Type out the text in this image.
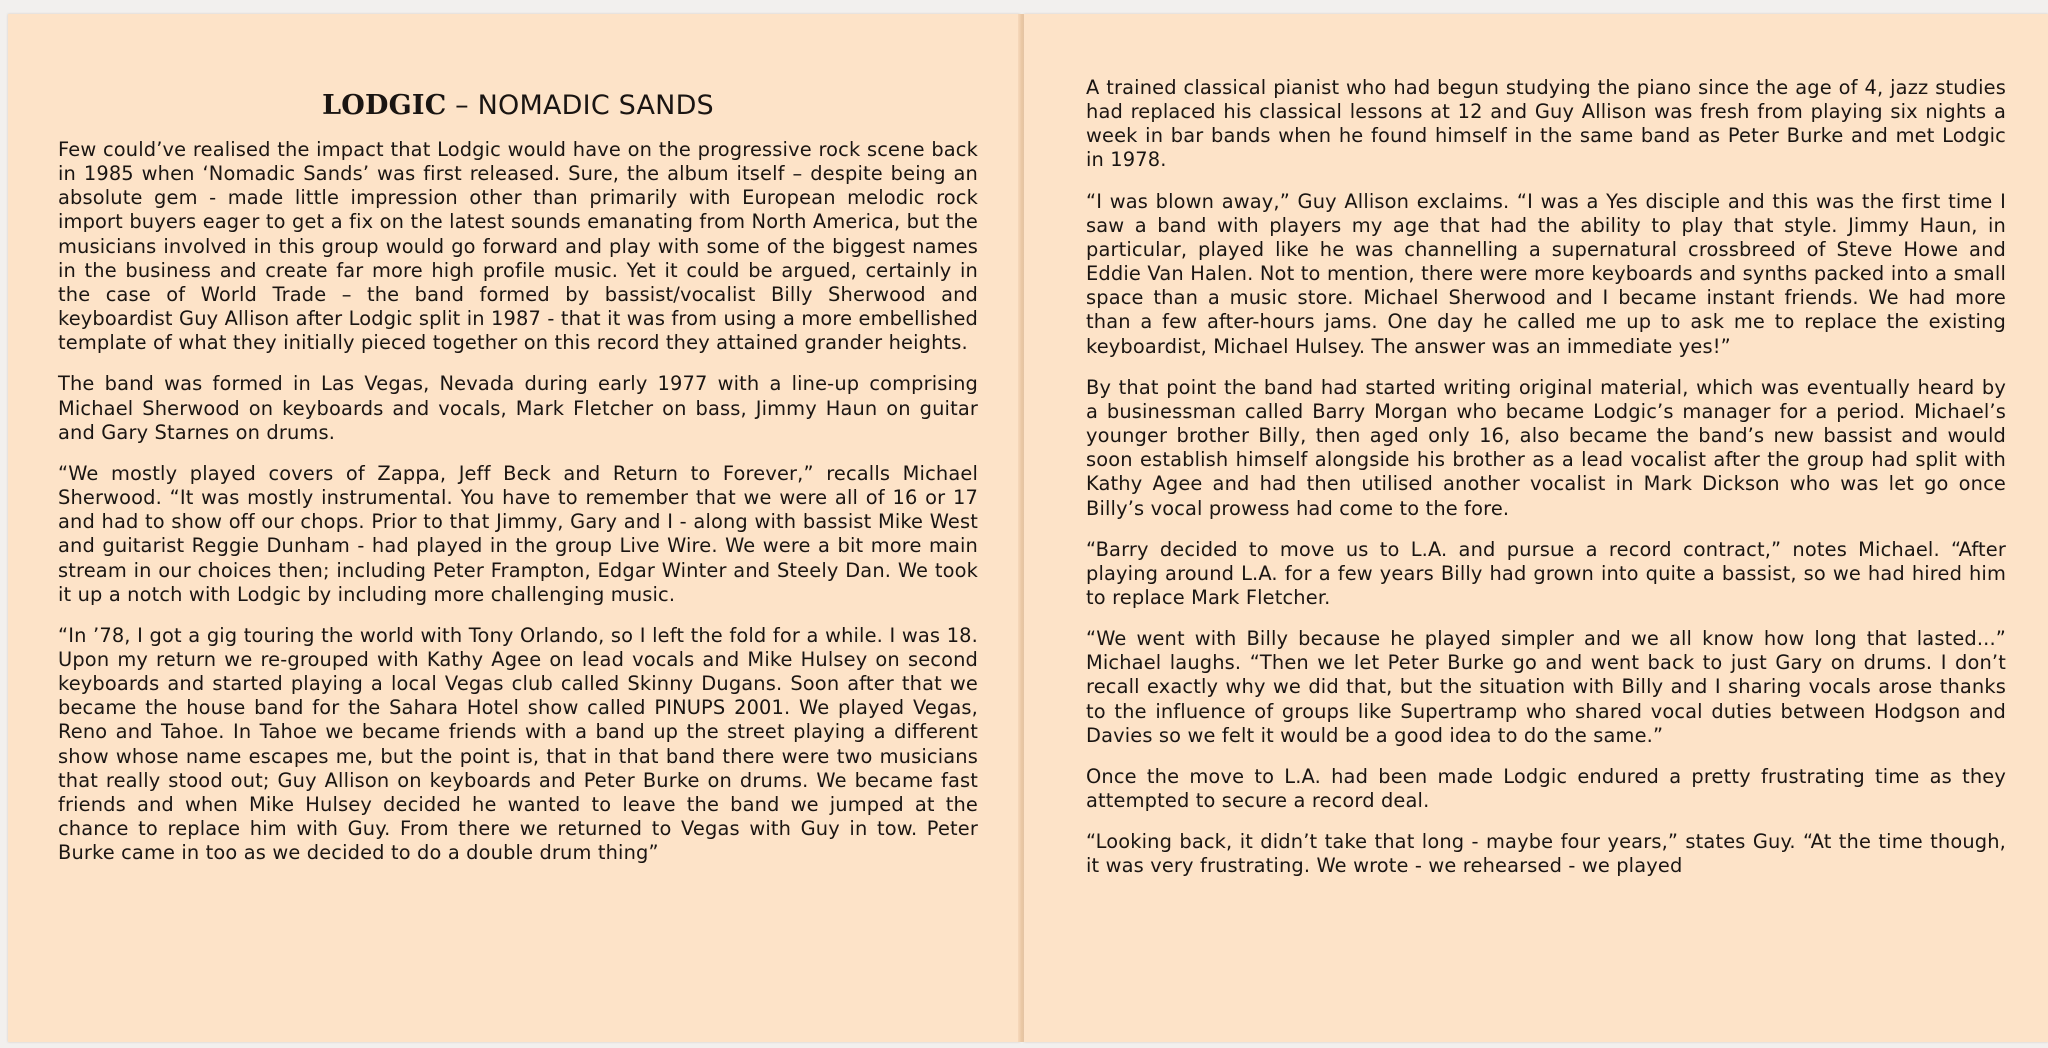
LODGIC – NOMADIC SANDS

Few could’ve realised the impact that Lodgic would have on the progressive rock scene back in 1985 when ‘Nomadic Sands’ was first released. Sure, the album itself – despite being an absolute gem - made little impression other than primarily with European melodic rock import buyers eager to get a fix on the latest sounds emanating from North America, but the musicians involved in this group would go forward and play with some of the biggest names in the business and create far more high profile music. Yet it could be argued, certainly in the case of World Trade – the band formed by bassist/vocalist Billy Sherwood and keyboardist Guy Allison after Lodgic split in 1987 - that it was from using a more embellished template of what they initially pieced together on this record they attained grander heights.

The band was formed in Las Vegas, Nevada during early 1977 with a line-up comprising Michael Sherwood on keyboards and vocals, Mark Fletcher on bass, Jimmy Haun on guitar and Gary Starnes on drums.

“We mostly played covers of Zappa, Jeff Beck and Return to Forever,” recalls Michael Sherwood. “It was mostly instrumental. You have to remember that we were all of 16 or 17 and had to show off our chops. Prior to that Jimmy, Gary and I - along with bassist Mike West and guitarist Reggie Dunham - had played in the group Live Wire. We were a bit more main stream in our choices then; including Peter Frampton, Edgar Winter and Steely Dan. We took it up a notch with Lodgic by including more challenging music.

“In ’78, I got a gig touring the world with Tony Orlando, so I left the fold for a while. I was 18. Upon my return we re-grouped with Kathy Agee on lead vocals and Mike Hulsey on second keyboards and started playing a local Vegas club called Skinny Dugans. Soon after that we became the house band for the Sahara Hotel show called PINUPS 2001. We played Vegas, Reno and Tahoe. In Tahoe we became friends with a band up the street playing a different show whose name escapes me, but the point is, that in that band there were two musicians that really stood out; Guy Allison on keyboards and Peter Burke on drums. We became fast friends and when Mike Hulsey decided he wanted to leave the band we jumped at the chance to replace him with Guy. From there we returned to Vegas with Guy in tow. Peter Burke came in too as we decided to do a double drum thing”

A trained classical pianist who had begun studying the piano since the age of 4, jazz studies had replaced his classical lessons at 12 and Guy Allison was fresh from playing six nights a week in bar bands when he found himself in the same band as Peter Burke and met Lodgic in 1978.

“I was blown away,” Guy Allison exclaims. “I was a Yes disciple and this was the first time I saw a band with players my age that had the ability to play that style. Jimmy Haun, in particular, played like he was channelling a supernatural crossbreed of Steve Howe and Eddie Van Halen. Not to mention, there were more keyboards and synths packed into a small space than a music store. Michael Sherwood and I became instant friends. We had more than a few after-hours jams. One day he called me up to ask me to replace the existing keyboardist, Michael Hulsey. The answer was an immediate yes!”

By that point the band had started writing original material, which was eventually heard by a businessman called Barry Morgan who became Lodgic’s manager for a period. Michael’s younger brother Billy, then aged only 16, also became the band’s new bassist and would soon establish himself alongside his brother as a lead vocalist after the group had split with Kathy Agee and had then utilised another vocalist in Mark Dickson who was let go once Billy’s vocal prowess had come to the fore.

“Barry decided to move us to L.A. and pursue a record contract,” notes Michael. “After playing around L.A. for a few years Billy had grown into quite a bassist, so we had hired him to replace Mark Fletcher.

“We went with Billy because he played simpler and we all know how long that lasted...” Michael laughs. “Then we let Peter Burke go and went back to just Gary on drums. I don’t recall exactly why we did that, but the situation with Billy and I sharing vocals arose thanks to the influence of groups like Supertramp who shared vocal duties between Hodgson and Davies so we felt it would be a good idea to do the same.”

Once the move to L.A. had been made Lodgic endured a pretty frustrating time as they attempted to secure a record deal.

“Looking back, it didn’t take that long - maybe four years,” states Guy. “At the time though, it was very frustrating. We wrote - we rehearsed - we played
